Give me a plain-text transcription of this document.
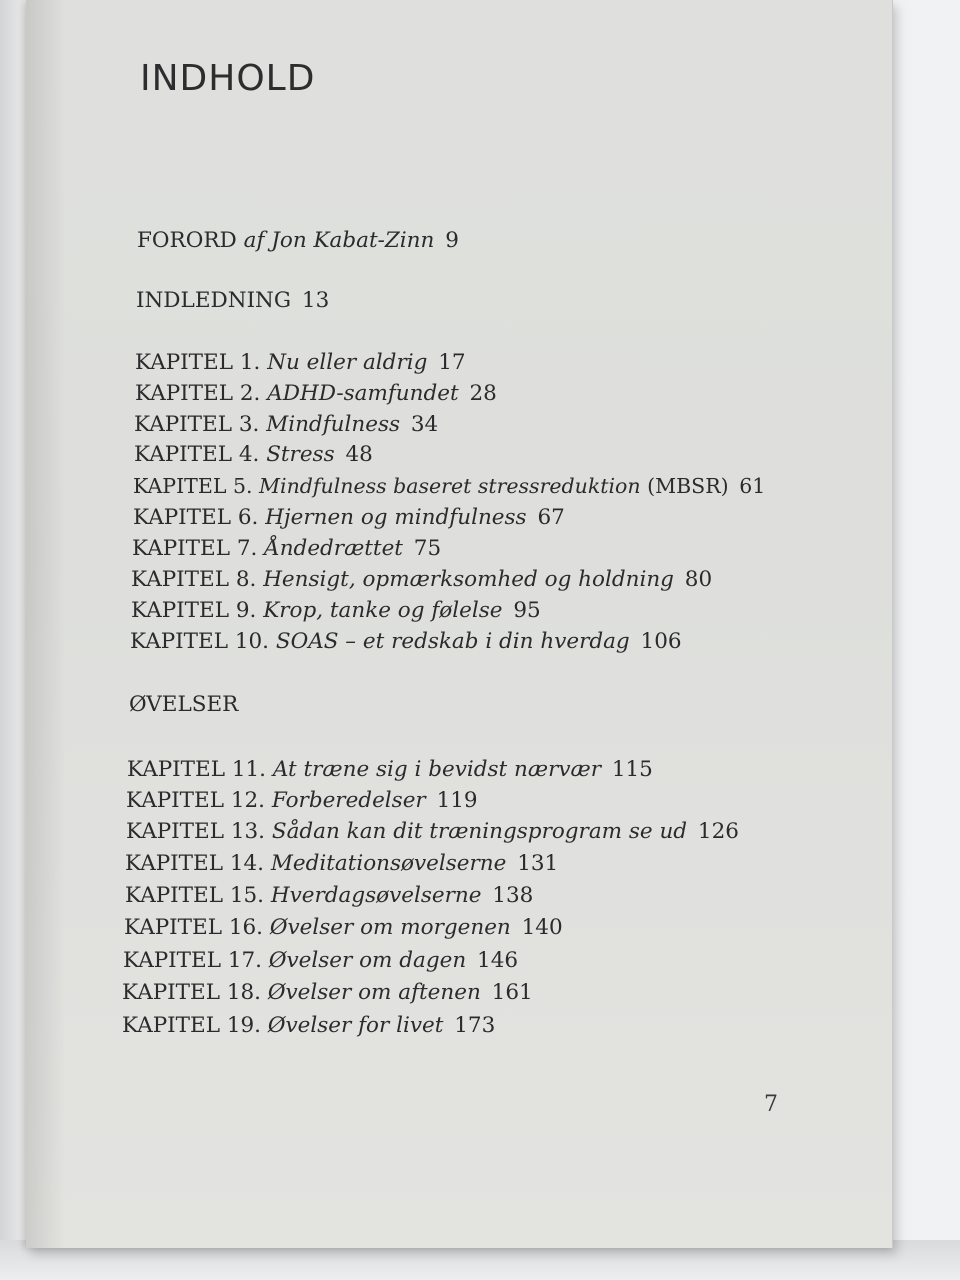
INDHOLD
FORORD af Jon Kabat-Zinn 9
INDLEDNING 13
KAPITEL 1. Nu eller aldrig 17
KAPITEL 2. ADHD-samfundet 28
KAPITEL 3. Mindfulness 34
KAPITEL 4. Stress 48
KAPITEL 5. Mindfulness baseret stressreduktion (MBSR) 61
KAPITEL 6. Hjernen og mindfulness 67
KAPITEL 7. Åndedrættet 75
KAPITEL 8. Hensigt, opmærksomhed og holdning 80
KAPITEL 9. Krop, tanke og følelse 95
KAPITEL 10. SOAS – et redskab i din hverdag 106
ØVELSER
KAPITEL 11. At træne sig i bevidst nærvær 115
KAPITEL 12. Forberedelser 119
KAPITEL 13. Sådan kan dit træningsprogram se ud 126
KAPITEL 14. Meditationsøvelserne 131
KAPITEL 15. Hverdagsøvelserne 138
KAPITEL 16. Øvelser om morgenen 140
KAPITEL 17. Øvelser om dagen 146
KAPITEL 18. Øvelser om aftenen 161
KAPITEL 19. Øvelser for livet 173
7
